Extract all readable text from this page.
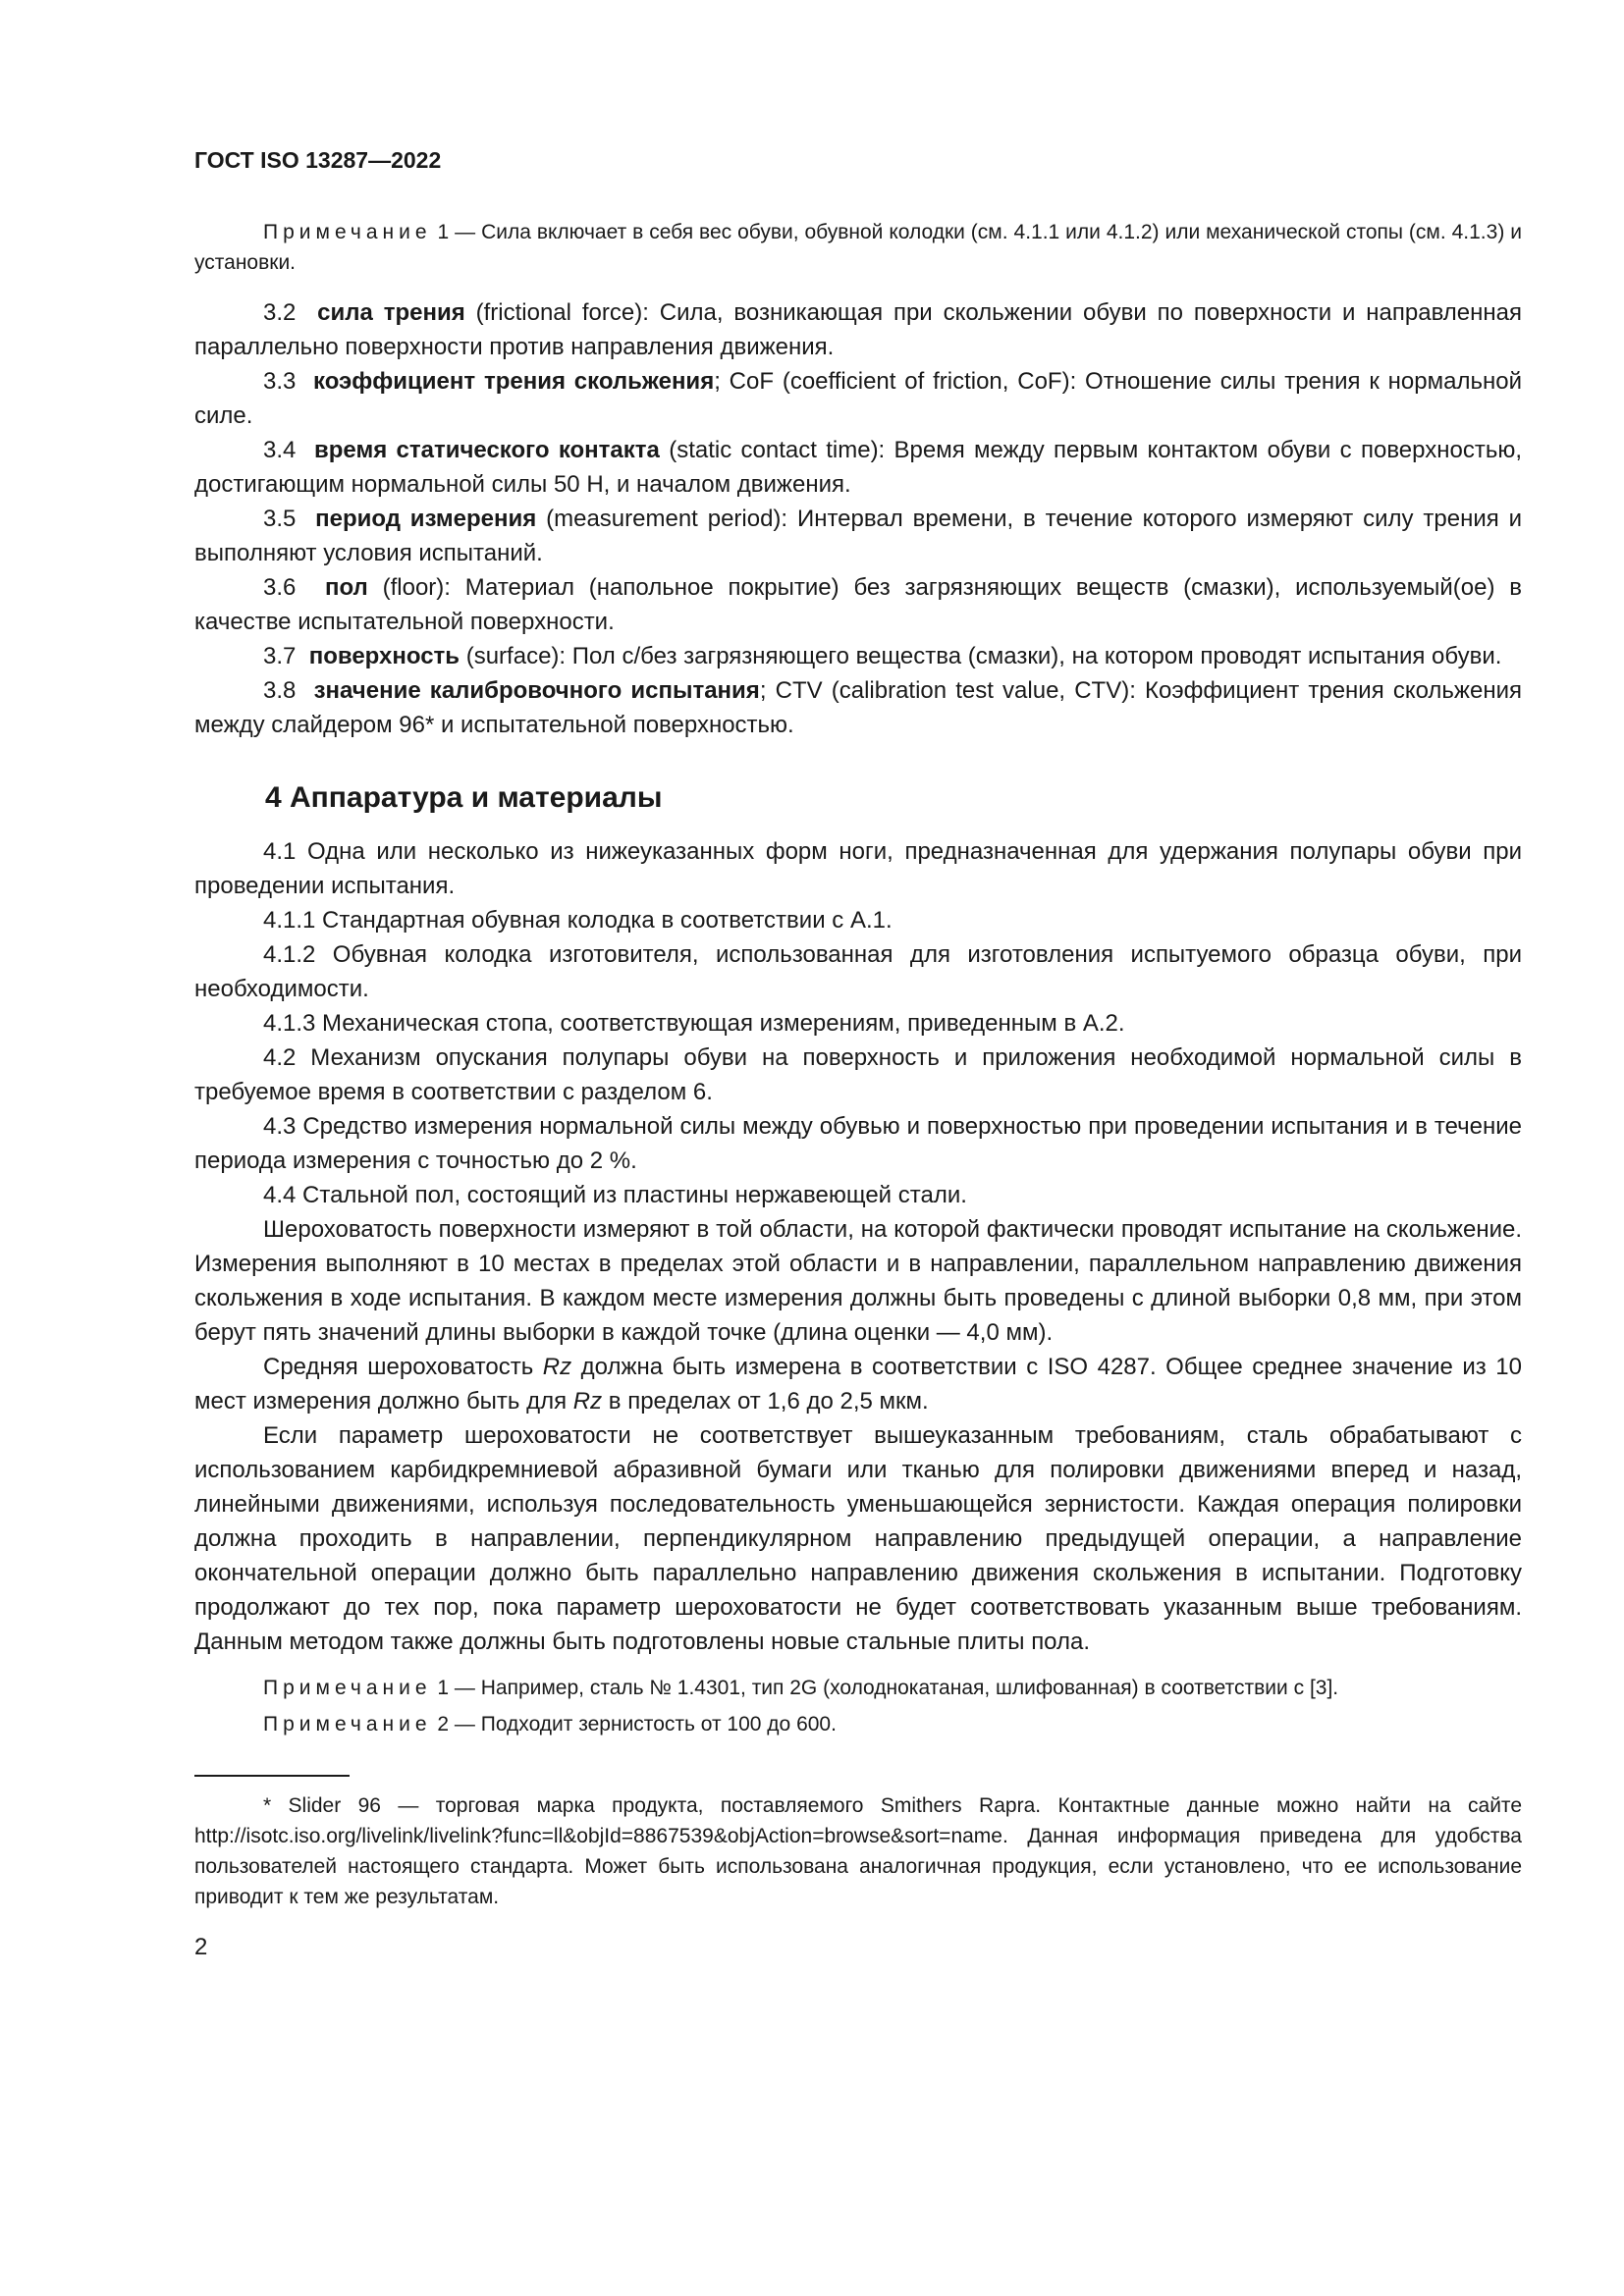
ГОСТ ISO 13287—2022

Примечание 1 — Сила включает в себя вес обуви, обувной колодки (см. 4.1.1 или 4.1.2) или механической стопы (см. 4.1.3) и установки.

3.2 сила трения (frictional force): Сила, возникающая при скольжении обуви по поверхности и направленная параллельно поверхности против направления движения.

3.3 коэффициент трения скольжения; CoF (coefficient of friction, CoF): Отношение силы трения к нормальной силе.

3.4 время статического контакта (static contact time): Время между первым контактом обуви с поверхностью, достигающим нормальной силы 50 Н, и началом движения.

3.5 период измерения (measurement period): Интервал времени, в течение которого измеряют силу трения и выполняют условия испытаний.

3.6 пол (floor): Материал (напольное покрытие) без загрязняющих веществ (смазки), используемый(ое) в качестве испытательной поверхности.

3.7 поверхность (surface): Пол с/без загрязняющего вещества (смазки), на котором проводят испытания обуви.

3.8 значение калибровочного испытания; CTV (calibration test value, CTV): Коэффициент трения скольжения между слайдером 96* и испытательной поверхностью.

4 Аппаратура и материалы

4.1 Одна или несколько из нижеуказанных форм ноги, предназначенная для удержания полупары обуви при проведении испытания.

4.1.1 Стандартная обувная колодка в соответствии с А.1.

4.1.2 Обувная колодка изготовителя, использованная для изготовления испытуемого образца обуви, при необходимости.

4.1.3 Механическая стопа, соответствующая измерениям, приведенным в А.2.

4.2 Механизм опускания полупары обуви на поверхность и приложения необходимой нормальной силы в требуемое время в соответствии с разделом 6.

4.3 Средство измерения нормальной силы между обувью и поверхностью при проведении испытания и в течение периода измерения с точностью до 2 %.

4.4 Стальной пол, состоящий из пластины нержавеющей стали.

Шероховатость поверхности измеряют в той области, на которой фактически проводят испытание на скольжение. Измерения выполняют в 10 местах в пределах этой области и в направлении, параллельном направлению движения скольжения в ходе испытания. В каждом месте измерения должны быть проведены с длиной выборки 0,8 мм, при этом берут пять значений длины выборки в каждой точке (длина оценки — 4,0 мм).

Средняя шероховатость Rz должна быть измерена в соответствии с ISO 4287. Общее среднее значение из 10 мест измерения должно быть для Rz в пределах от 1,6 до 2,5 мкм.

Если параметр шероховатости не соответствует вышеуказанным требованиям, сталь обрабатывают с использованием карбидкремниевой абразивной бумаги или тканью для полировки движениями вперед и назад, линейными движениями, используя последовательность уменьшающейся зернистости. Каждая операция полировки должна проходить в направлении, перпендикулярном направлению предыдущей операции, а направление окончательной операции должно быть параллельно направлению движения скольжения в испытании. Подготовку продолжают до тех пор, пока параметр шероховатости не будет соответствовать указанным выше требованиям. Данным методом также должны быть подготовлены новые стальные плиты пола.

Примечание 1 — Например, сталь № 1.4301, тип 2G (холоднокатаная, шлифованная) в соответствии с [3].

Примечание 2 — Подходит зернистость от 100 до 600.

* Slider 96 — торговая марка продукта, поставляемого Smithers Rapra. Контактные данные можно найти на сайте http://isotc.iso.org/livelink/livelink?func=ll&objId=8867539&objAction=browse&sort=name. Данная информация приведена для удобства пользователей настоящего стандарта. Может быть использована аналогичная продукция, если установлено, что ее использование приводит к тем же результатам.

2
